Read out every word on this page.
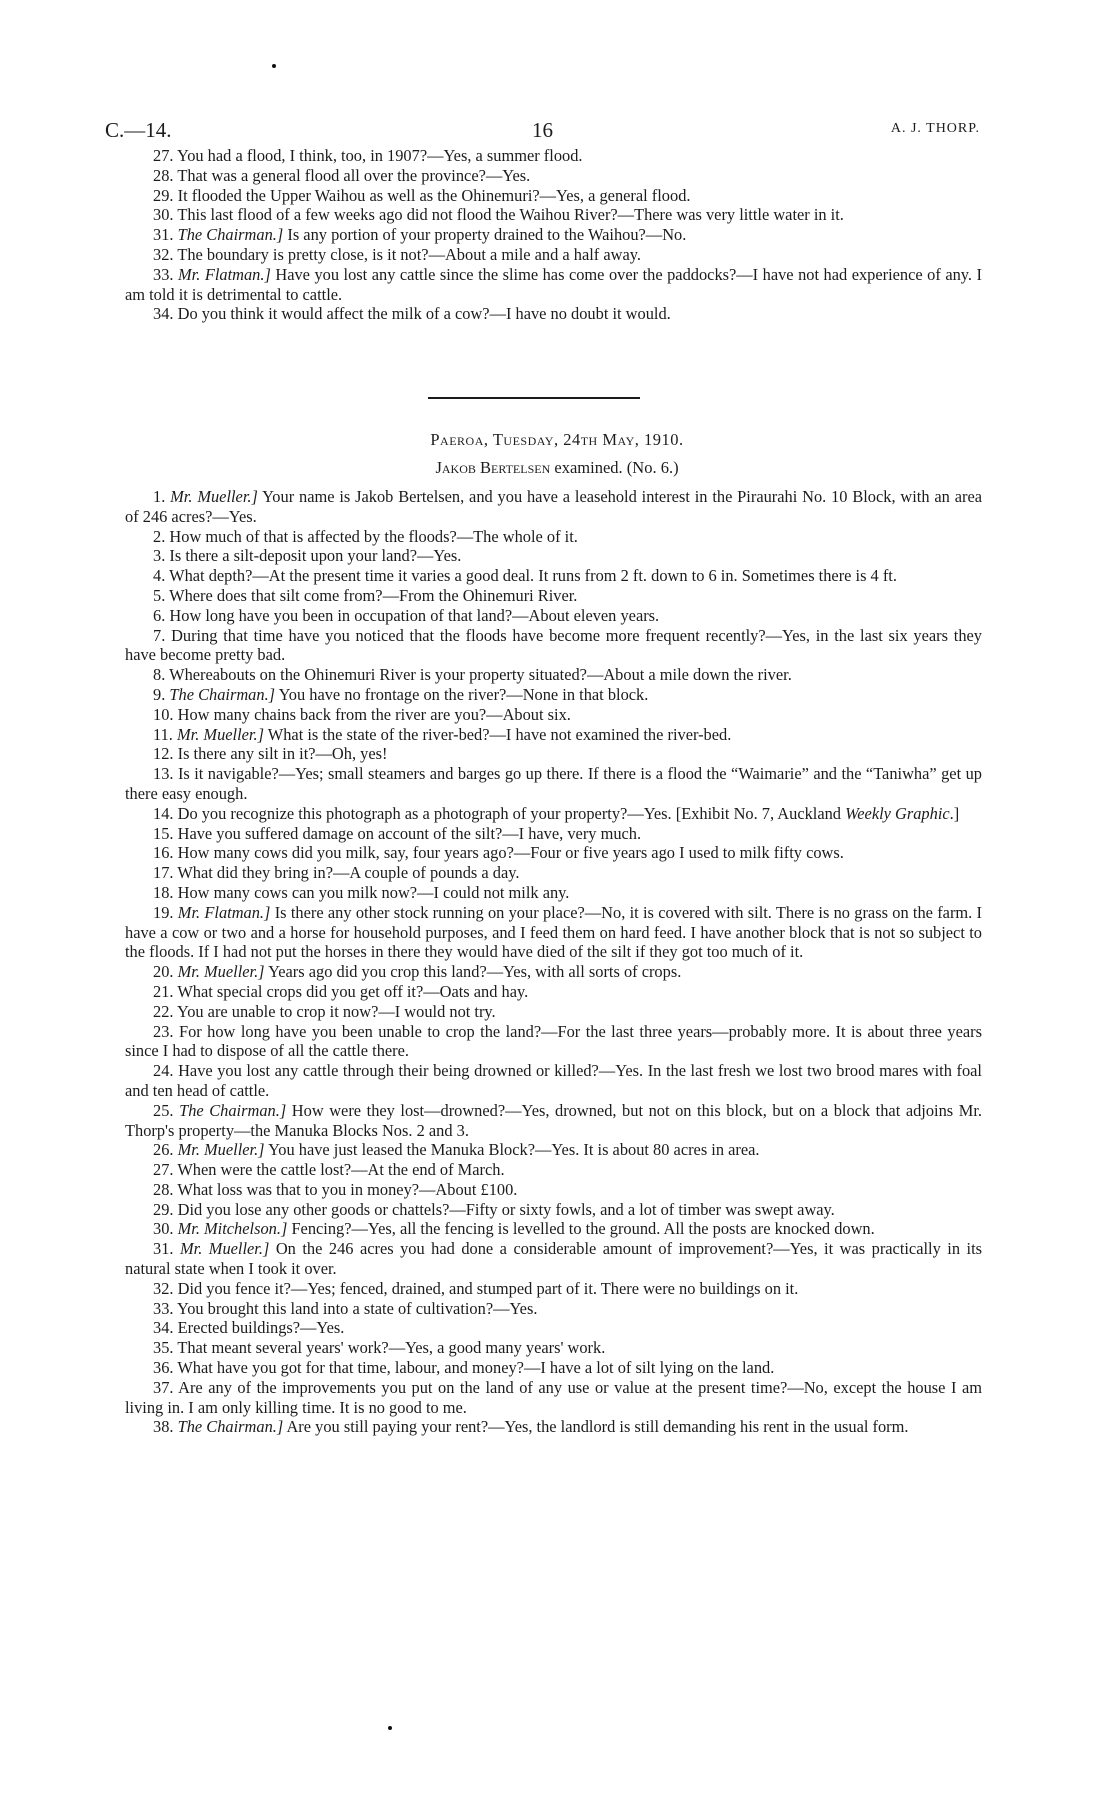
C.—14.	16	A. J. THORP.

27. You had a flood, I think, too, in 1907?—Yes, a summer flood.

28. That was a general flood all over the province?—Yes.

29. It flooded the Upper Waihou as well as the Ohinemuri?—Yes, a general flood.

30. This last flood of a few weeks ago did not flood the Waihou River?—There was very little water in it.

31. The Chairman.] Is any portion of your property drained to the Waihou?—No.

32. The boundary is pretty close, is it not?—About a mile and a half away.

33. Mr. Flatman.] Have you lost any cattle since the slime has come over the paddocks?—I have not had experience of any. I am told it is detrimental to cattle.

34. Do you think it would affect the milk of a cow?—I have no doubt it would.

Paeroa, Tuesday, 24th May, 1910.
Jakob Bertelsen examined. (No. 6.)

1. Mr. Mueller.] Your name is Jakob Bertelsen, and you have a leasehold interest in the Piraurahi No. 10 Block, with an area of 246 acres?—Yes.

2. How much of that is affected by the floods?—The whole of it.

3. Is there a silt-deposit upon your land?—Yes.

4. What depth?—At the present time it varies a good deal. It runs from 2 ft. down to 6 in. Sometimes there is 4 ft.

5. Where does that silt come from?—From the Ohinemuri River.

6. How long have you been in occupation of that land?—About eleven years.

7. During that time have you noticed that the floods have become more frequent recently?—Yes, in the last six years they have become pretty bad.

8. Whereabouts on the Ohinemuri River is your property situated?—About a mile down the river.

9. The Chairman.] You have no frontage on the river?—None in that block.

10. How many chains back from the river are you?—About six.

11. Mr. Mueller.] What is the state of the river-bed?—I have not examined the river-bed.

12. Is there any silt in it?—Oh, yes!

13. Is it navigable?—Yes; small steamers and barges go up there. If there is a flood the “Waimarie” and the “Taniwha” get up there easy enough.

14. Do you recognize this photograph as a photograph of your property?—Yes. [Exhibit No. 7, Auckland Weekly Graphic.]

15. Have you suffered damage on account of the silt?—I have, very much.

16. How many cows did you milk, say, four years ago?—Four or five years ago I used to milk fifty cows.

17. What did they bring in?—A couple of pounds a day.

18. How many cows can you milk now?—I could not milk any.

19. Mr. Flatman.] Is there any other stock running on your place?—No, it is covered with silt. There is no grass on the farm. I have a cow or two and a horse for household purposes, and I feed them on hard feed. I have another block that is not so subject to the floods. If I had not put the horses in there they would have died of the silt if they got too much of it.

20. Mr. Mueller.] Years ago did you crop this land?—Yes, with all sorts of crops.

21. What special crops did you get off it?—Oats and hay.

22. You are unable to crop it now?—I would not try.

23. For how long have you been unable to crop the land?—For the last three years—probably more. It is about three years since I had to dispose of all the cattle there.

24. Have you lost any cattle through their being drowned or killed?—Yes. In the last fresh we lost two brood mares with foal and ten head of cattle.

25. The Chairman.] How were they lost—drowned?—Yes, drowned, but not on this block, but on a block that adjoins Mr. Thorp's property—the Manuka Blocks Nos. 2 and 3.

26. Mr. Mueller.] You have just leased the Manuka Block?—Yes. It is about 80 acres in area.

27. When were the cattle lost?—At the end of March.

28. What loss was that to you in money?—About £100.

29. Did you lose any other goods or chattels?—Fifty or sixty fowls, and a lot of timber was swept away.

30. Mr. Mitchelson.] Fencing?—Yes, all the fencing is levelled to the ground. All the posts are knocked down.

31. Mr. Mueller.] On the 246 acres you had done a considerable amount of improvement?—Yes, it was practically in its natural state when I took it over.

32. Did you fence it?—Yes; fenced, drained, and stumped part of it. There were no buildings on it.

33. You brought this land into a state of cultivation?—Yes.

34. Erected buildings?—Yes.

35. That meant several years' work?—Yes, a good many years' work.

36. What have you got for that time, labour, and money?—I have a lot of silt lying on the land.

37. Are any of the improvements you put on the land of any use or value at the present time?—No, except the house I am living in. I am only killing time. It is no good to me.

38. The Chairman.] Are you still paying your rent?—Yes, the landlord is still demanding his rent in the usual form.
